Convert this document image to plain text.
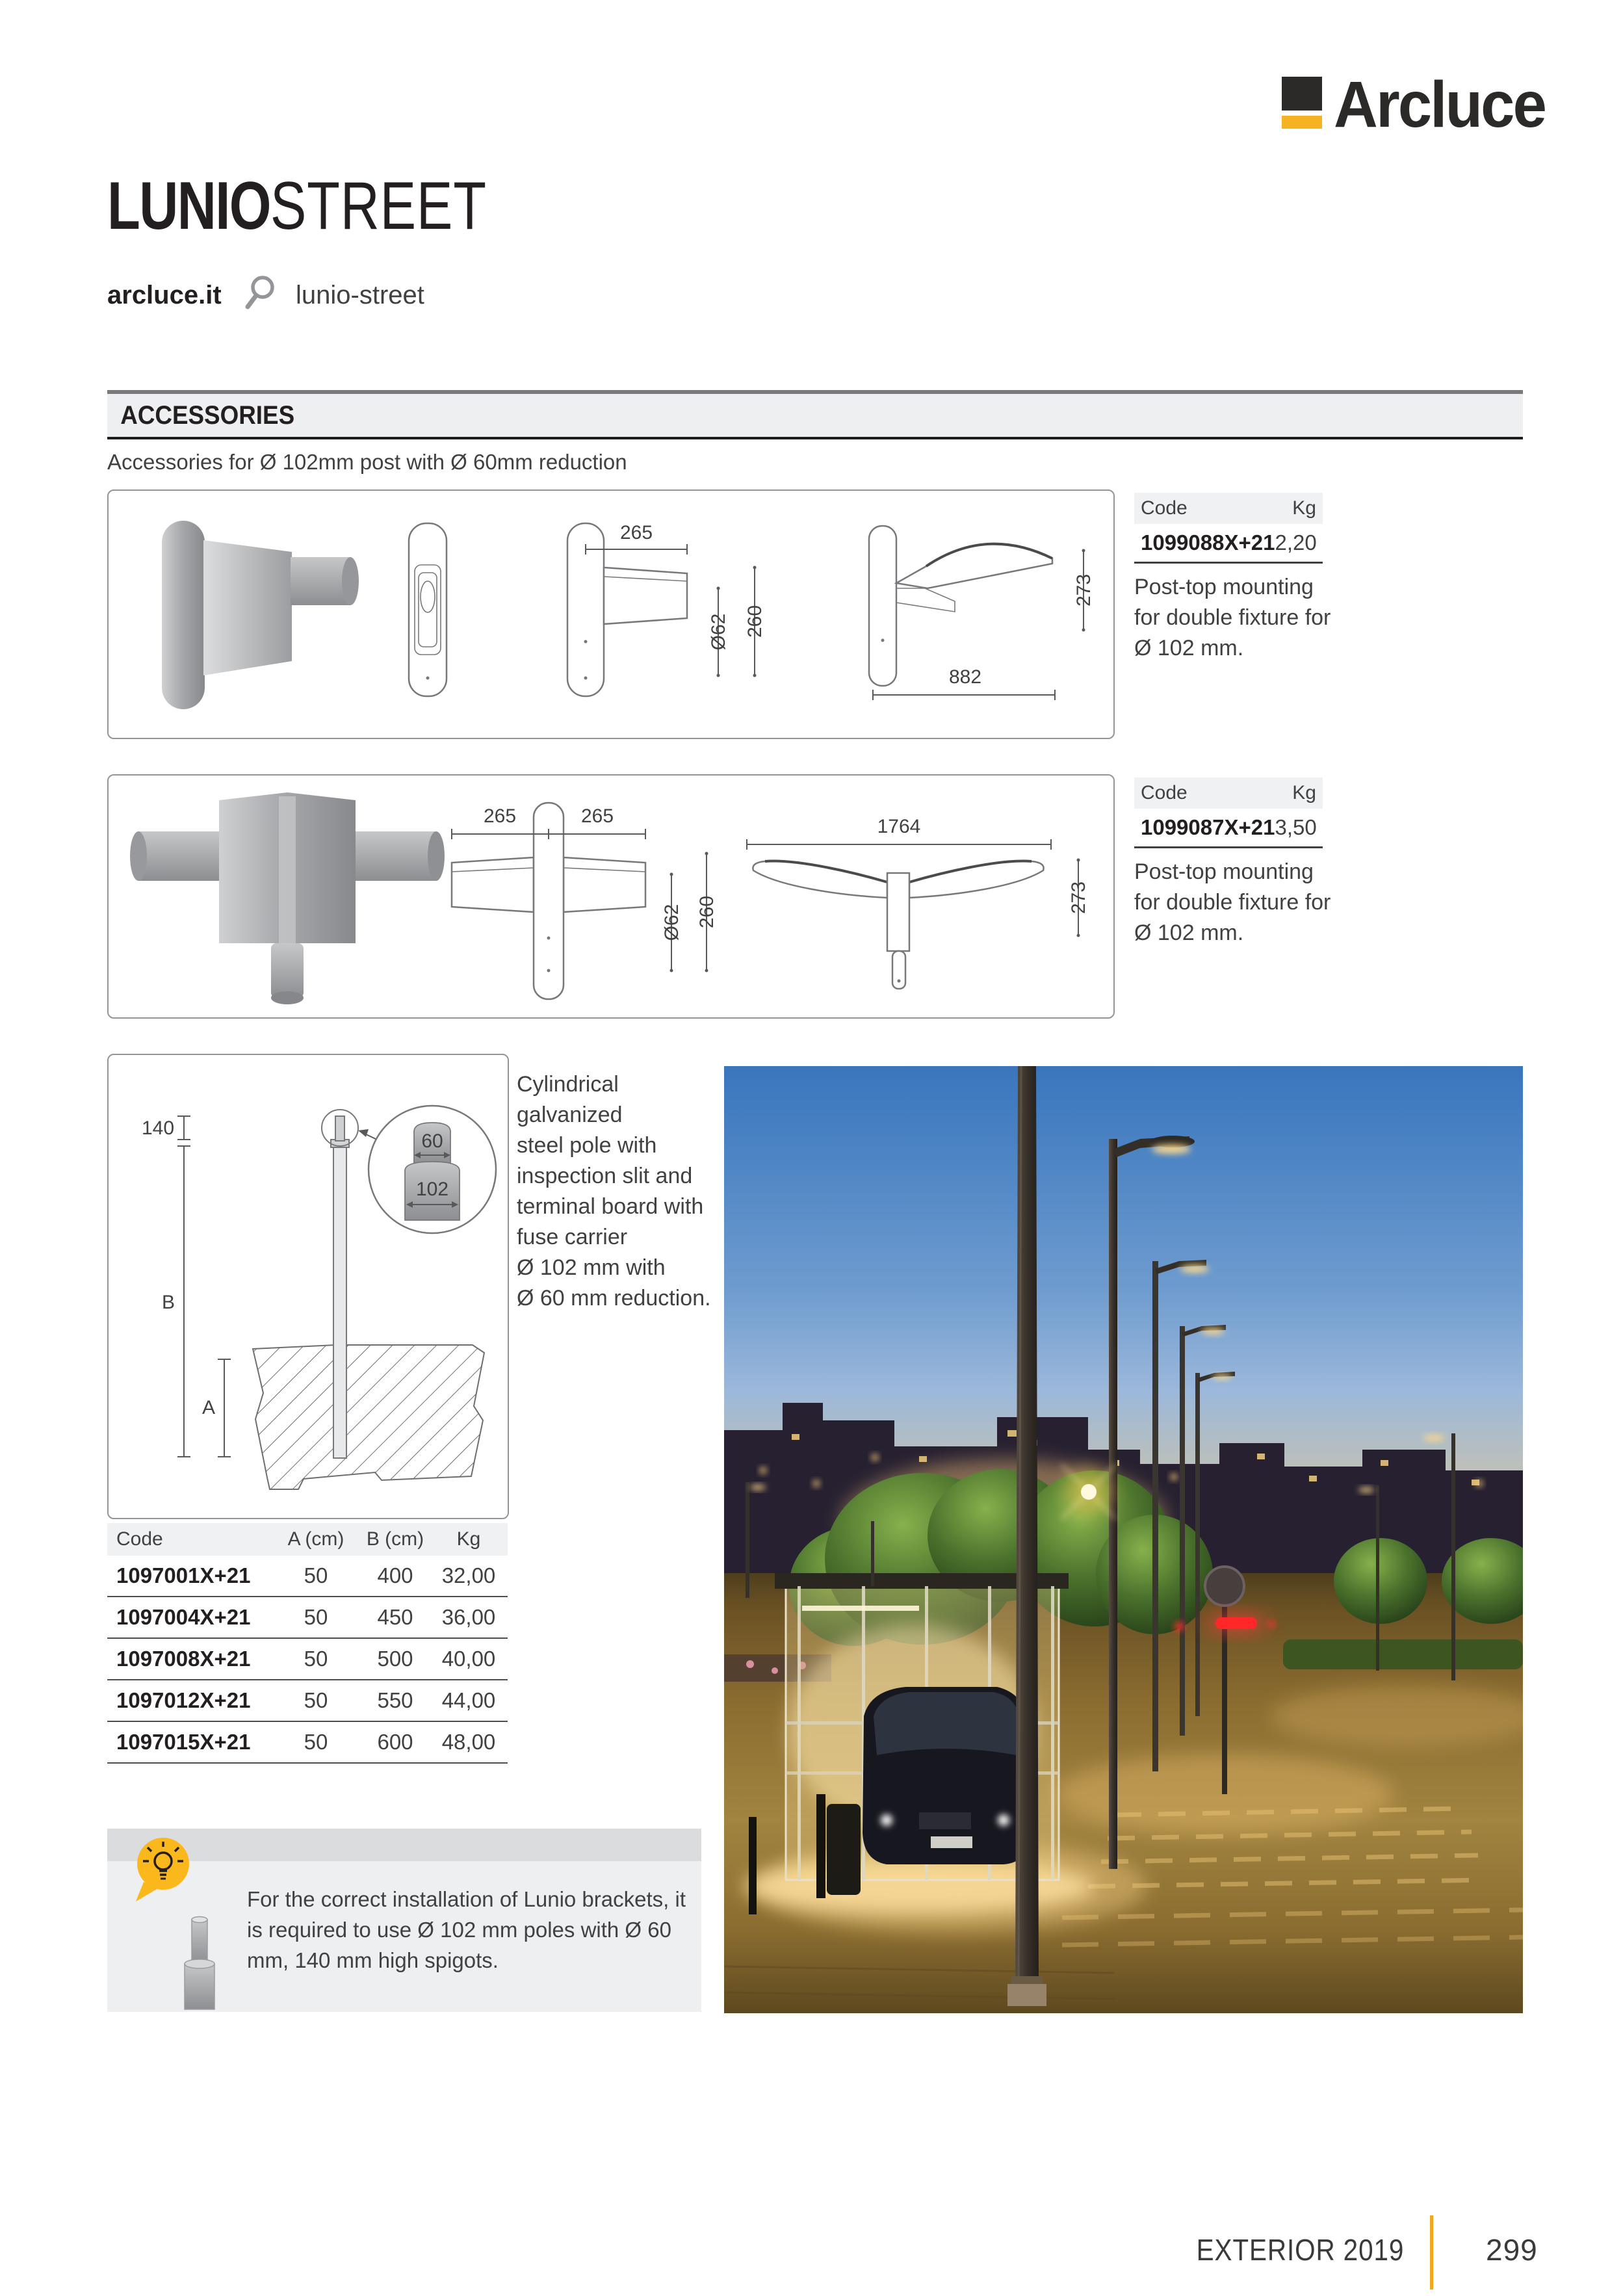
Arcluce
LUNIOSTREET
arcluce.it	lunio-street
ACCESSORIES
Accessories for Ø 102mm post with Ø 60mm reduction
265
Ø62 260
273
882
Code	Kg
1099088X+21 2,20
Post-top mounting for double fixture for Ø 102 mm.
265	265
Ø62 260
1764
273
Code	Kg
1099087X+21 3,50
Post-top mounting for double fixture for Ø 102 mm.
60
102
140
B
A
Cylindrical galvanized
steel pole with
inspection slit and
terminal board with
fuse carrier
Ø 102 mm with
Ø 60 mm reduction.
Code	A (cm)	B (cm)	Kg
1097001X+21	50	400	32,00
1097004X+21	50	450	36,00
1097008X+21	50	500	40,00
1097012X+21	50	550	44,00
1097015X+21	50	600	48,00
For the correct installation of Lunio brackets, it is required to use Ø 102 mm poles with Ø 60 mm, 140 mm high spigots.
EXTERIOR 2019	299
